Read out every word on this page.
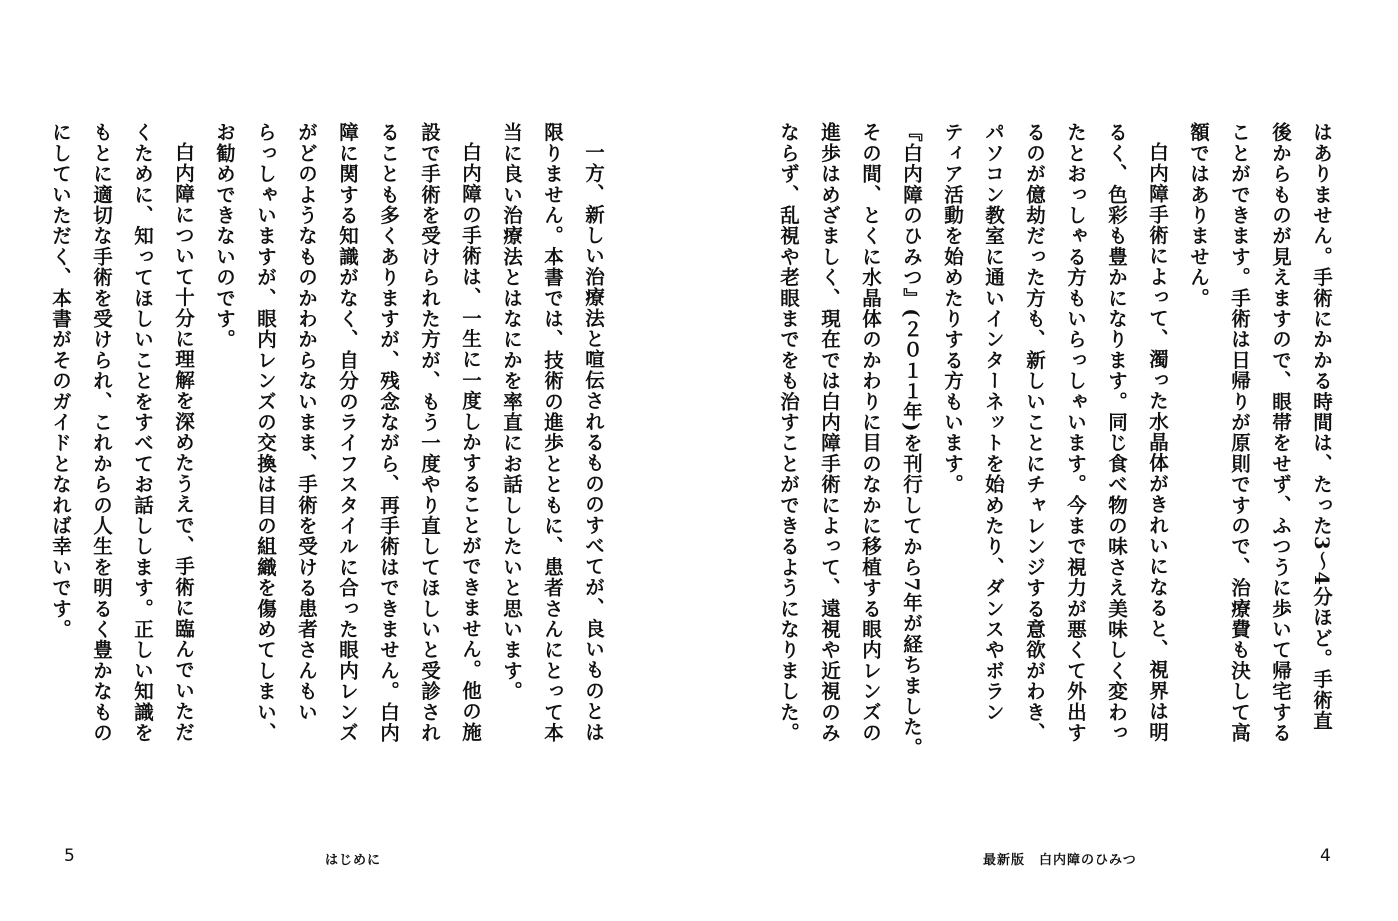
はありません。手術にかかる時間は、たった3～4分ほど。手術直
後からものが見えますので、眼帯をせず、ふつうに歩いて帰宅する
ことができます。手術は日帰りが原則ですので、治療費も決して高
額ではありません。
白内障手術によって、濁った水晶体がきれいになると、視界は明
るく、色彩も豊かになります。同じ食べ物の味さえ美味しく変わっ
たとおっしゃる方もいらっしゃいます。今まで視力が悪くて外出す
るのが億劫だった方も、新しいことにチャレンジする意欲がわき、
パソコン教室に通いインターネットを始めたり、ダンスやボラン
ティア活動を始めたりする方もいます。
『白内障のひみつ』(２０１１年)を刊行してから7年が経ちました。
その間、とくに水晶体のかわりに目のなかに移植する眼内レンズの
進歩はめざましく、現在では白内障手術によって、遠視や近視のみ
ならず、乱視や老眼までをも治すことができるようになりました。
一方、新しい治療法と喧伝されるもののすべてが、良いものとは
限りません。本書では、技術の進歩とともに、患者さんにとって本
当に良い治療法とはなにかを率直にお話ししたいと思います。
白内障の手術は、一生に一度しかすることができません。他の施
設で手術を受けられた方が、もう一度やり直してほしいと受診され
ることも多くありますが、残念ながら、再手術はできません。白内
障に関する知識がなく、自分のライフスタイルに合った眼内レンズ
がどのようなものかわからないまま、手術を受ける患者さんもい
らっしゃいますが、眼内レンズの交換は目の組織を傷めてしまい、
お勧めできないのです。
白内障について十分に理解を深めたうえで、手術に臨んでいただ
くために、知ってほしいことをすべてお話しします。正しい知識を
もとに適切な手術を受けられ、これからの人生を明るく豊かなもの
にしていただく、本書がそのガイドとなれば幸いです。
5	はじめに	最新版　白内障のひみつ	4
